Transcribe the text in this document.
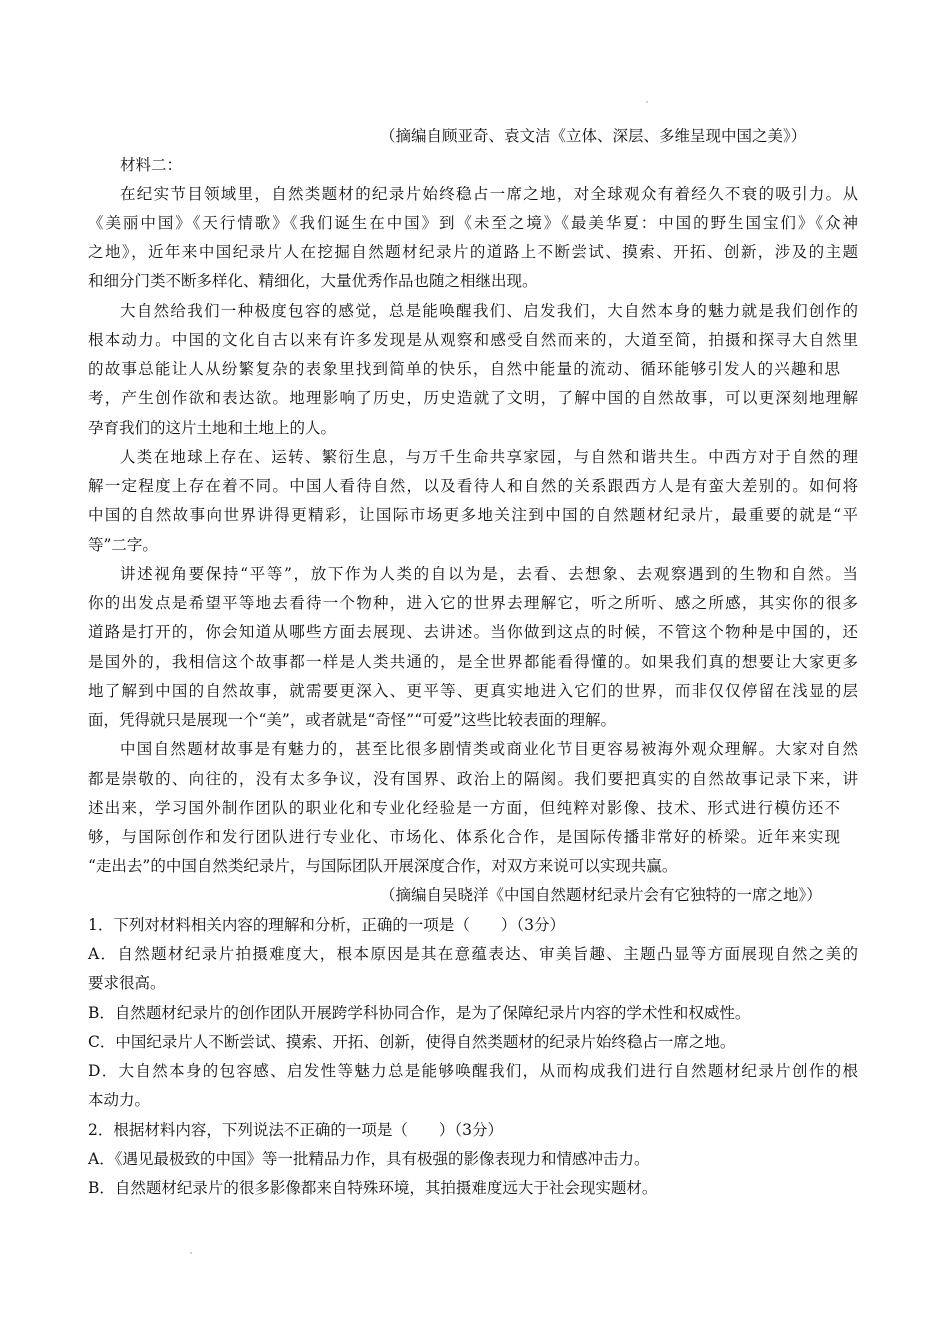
（摘编自顾亚奇、袁文洁《立体、深层、多维呈现中国之美》）
材料二：
在纪实节目领域里，自然类题材的纪录片始终稳占一席之地，对全球观众有着经久不衰的吸引力。从
《美丽中国》《天行情歌》《我们诞生在中国》到《未至之境》《最美华夏：中国的野生国宝们》《众神
之地》，近年来中国纪录片人在挖掘自然题材纪录片的道路上不断尝试、摸索、开拓、创新，涉及的主题
和细分门类不断多样化、精细化，大量优秀作品也随之相继出现。
大自然给我们一种极度包容的感觉，总是能唤醒我们、启发我们，大自然本身的魅力就是我们创作的
根本动力。中国的文化自古以来有许多发现是从观察和感受自然而来的，大道至简，拍摄和探寻大自然里
的故事总能让人从纷繁复杂的表象里找到简单的快乐，自然中能量的流动、循环能够引发人的兴趣和思
考，产生创作欲和表达欲。地理影响了历史，历史造就了文明，了解中国的自然故事，可以更深刻地理解
孕育我们的这片土地和土地上的人。
人类在地球上存在、运转、繁衍生息，与万千生命共享家园，与自然和谐共生。中西方对于自然的理
解一定程度上存在着不同。中国人看待自然，以及看待人和自然的关系跟西方人是有蛮大差别的。如何将
中国的自然故事向世界讲得更精彩，让国际市场更多地关注到中国的自然题材纪录片，最重要的就是“平
等”二字。
讲述视角要保持“平等”，放下作为人类的自以为是，去看、去想象、去观察遇到的生物和自然。当
你的出发点是希望平等地去看待一个物种，进入它的世界去理解它，听之所听、感之所感，其实你的很多
道路是打开的，你会知道从哪些方面去展现、去讲述。当你做到这点的时候，不管这个物种是中国的，还
是国外的，我相信这个故事都一样是人类共通的，是全世界都能看得懂的。如果我们真的想要让大家更多
地了解到中国的自然故事，就需要更深入、更平等、更真实地进入它们的世界，而非仅仅停留在浅显的层
面，凭得就只是展现一个“美”，或者就是“奇怪”“可爱”这些比较表面的理解。
中国自然题材故事是有魅力的，甚至比很多剧情类或商业化节目更容易被海外观众理解。大家对自然
都是崇敬的、向往的，没有太多争议，没有国界、政治上的隔阂。我们要把真实的自然故事记录下来，讲
述出来，学习国外制作团队的职业化和专业化经验是一方面，但纯粹对影像、技术、形式进行模仿还不
够，与国际创作和发行团队进行专业化、市场化、体系化合作，是国际传播非常好的桥梁。近年来实现
“走出去”的中国自然类纪录片，与国际团队开展深度合作，对双方来说可以实现共赢。
（摘编自吴晓洋《中国自然题材纪录片会有它独特的一席之地》）
1．下列对材料相关内容的理解和分析，正确的一项是（　　）（3分）
A．自然题材纪录片拍摄难度大，根本原因是其在意蕴表达、审美旨趣、主题凸显等方面展现自然之美的
要求很高。
B．自然题材纪录片的创作团队开展跨学科协同合作，是为了保障纪录片内容的学术性和权威性。
C．中国纪录片人不断尝试、摸索、开拓、创新，使得自然类题材的纪录片始终稳占一席之地。
D．大自然本身的包容感、启发性等魅力总是能够唤醒我们，从而构成我们进行自然题材纪录片创作的根
本动力。
2．根据材料内容，下列说法不正确的一项是（　　）（3分）
A．《遇见最极致的中国》等一批精品力作，具有极强的影像表现力和情感冲击力。
B．自然题材纪录片的很多影像都来自特殊环境，其拍摄难度远大于社会现实题材。
